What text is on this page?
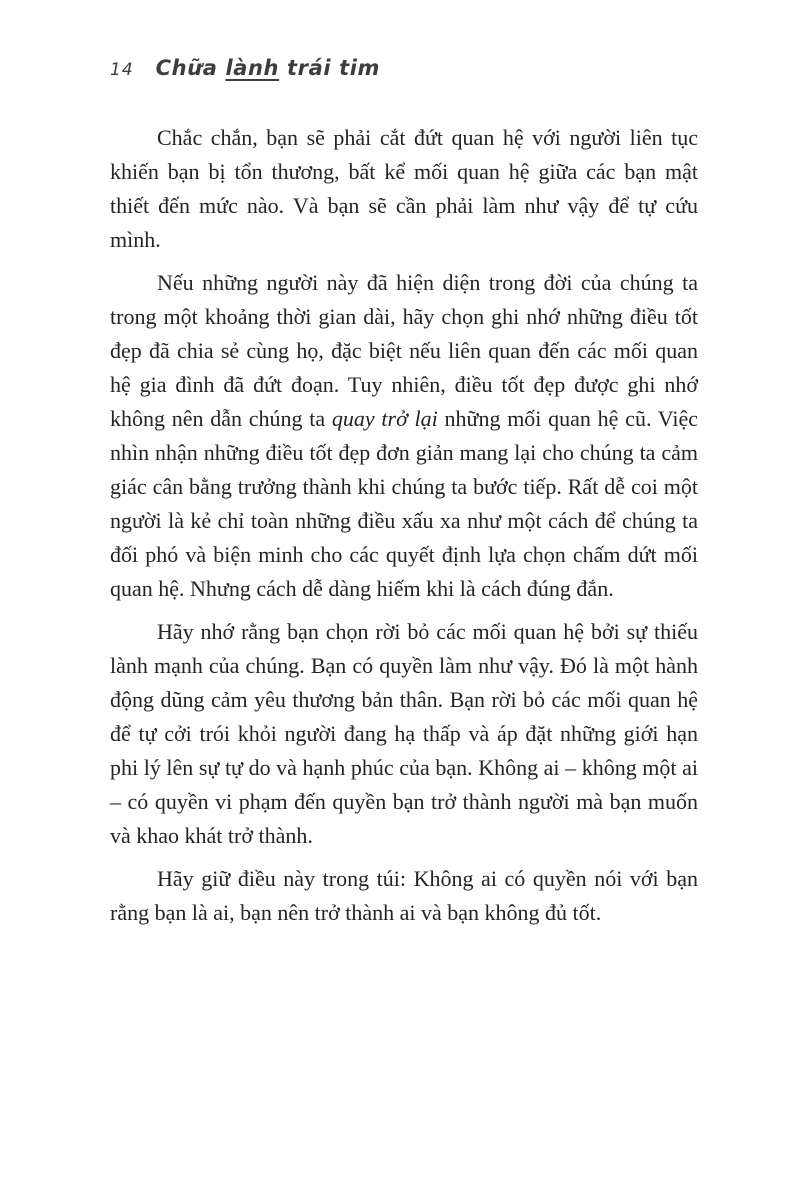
14 Chữa lành trái tim

Chắc chắn, bạn sẽ phải cắt đứt quan hệ với người liên tục khiến bạn bị tổn thương, bất kể mối quan hệ giữa các bạn mật thiết đến mức nào. Và bạn sẽ cần phải làm như vậy để tự cứu mình.

Nếu những người này đã hiện diện trong đời của chúng ta trong một khoảng thời gian dài, hãy chọn ghi nhớ những điều tốt đẹp đã chia sẻ cùng họ, đặc biệt nếu liên quan đến các mối quan hệ gia đình đã đứt đoạn. Tuy nhiên, điều tốt đẹp được ghi nhớ không nên dẫn chúng ta quay trở lại những mối quan hệ cũ. Việc nhìn nhận những điều tốt đẹp đơn giản mang lại cho chúng ta cảm giác cân bằng trưởng thành khi chúng ta bước tiếp. Rất dễ coi một người là kẻ chỉ toàn những điều xấu xa như một cách để chúng ta đối phó và biện minh cho các quyết định lựa chọn chấm dứt mối quan hệ. Nhưng cách dễ dàng hiếm khi là cách đúng đắn.

Hãy nhớ rằng bạn chọn rời bỏ các mối quan hệ bởi sự thiếu lành mạnh của chúng. Bạn có quyền làm như vậy. Đó là một hành động dũng cảm yêu thương bản thân. Bạn rời bỏ các mối quan hệ để tự cởi trói khỏi người đang hạ thấp và áp đặt những giới hạn phi lý lên sự tự do và hạnh phúc của bạn. Không ai – không một ai – có quyền vi phạm đến quyền bạn trở thành người mà bạn muốn và khao khát trở thành.

Hãy giữ điều này trong túi: Không ai có quyền nói với bạn rằng bạn là ai, bạn nên trở thành ai và bạn không đủ tốt.
